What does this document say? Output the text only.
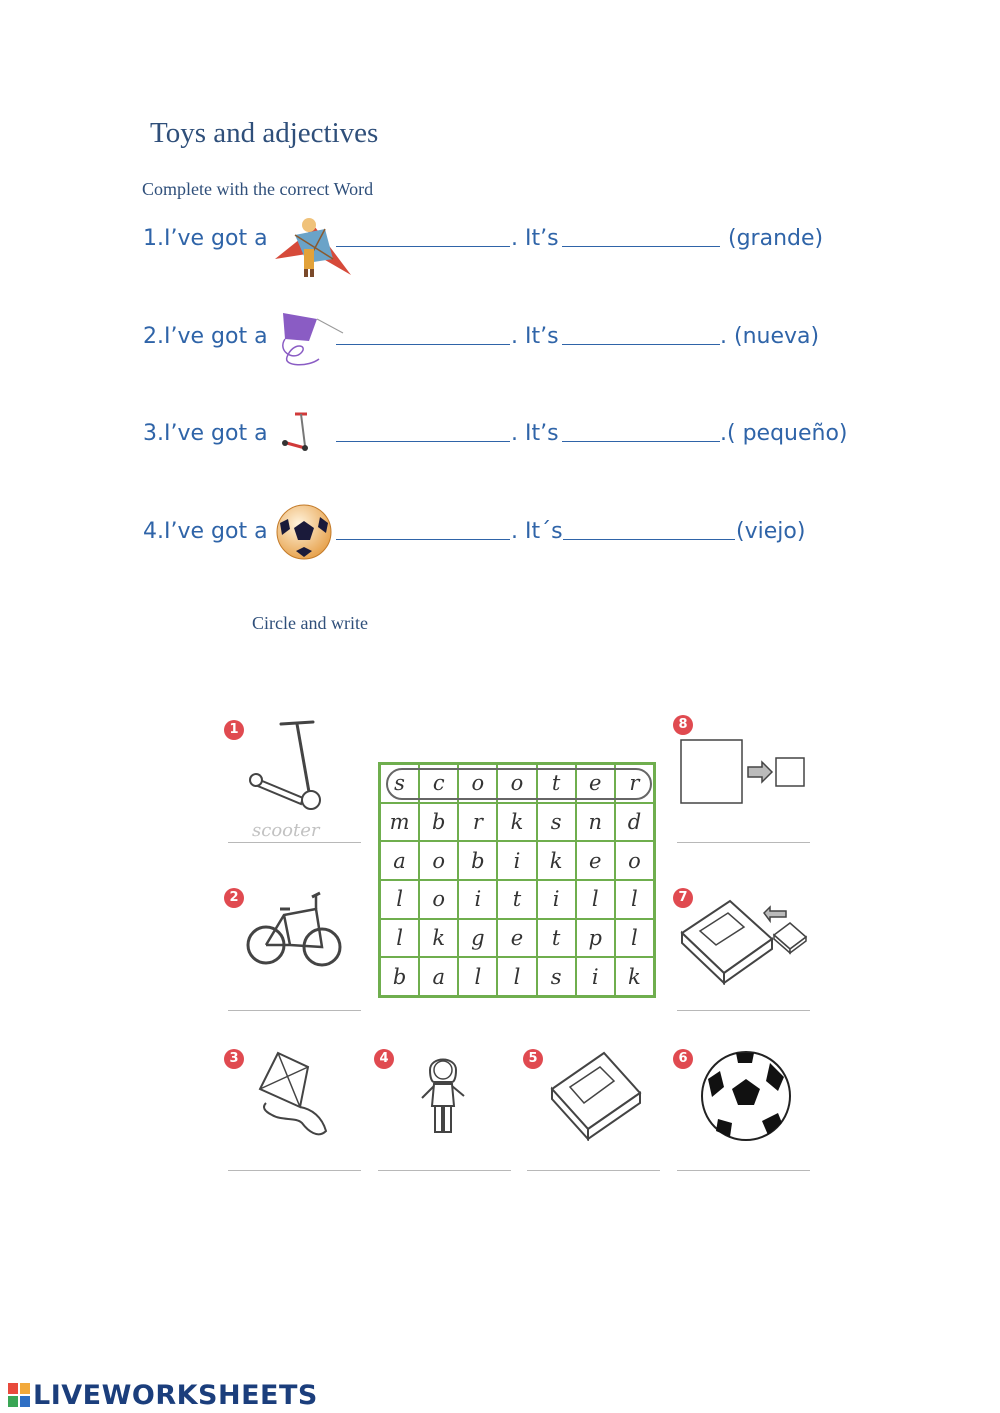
Toys and adjectives
Complete with the correct Word
1.I’ve got a	. It’s	(grande)
2.I’ve got a	. It’s	. (nueva)
3.I’ve got a	. It’s	.( pequeño)
4.I’ve got a	. It´s	(viejo)
Circle and write
1
2
3	4	5	6
7
8
scooter
s	c	o	o	t	e	r
m	b	r	k	s	n	d
a	o	b	i	k	e	o
l	o	i	t	i	l	l
l	k	g	e	t	p	l
b	a	l	l	s	i	k
LIVEWORKSHEETS
